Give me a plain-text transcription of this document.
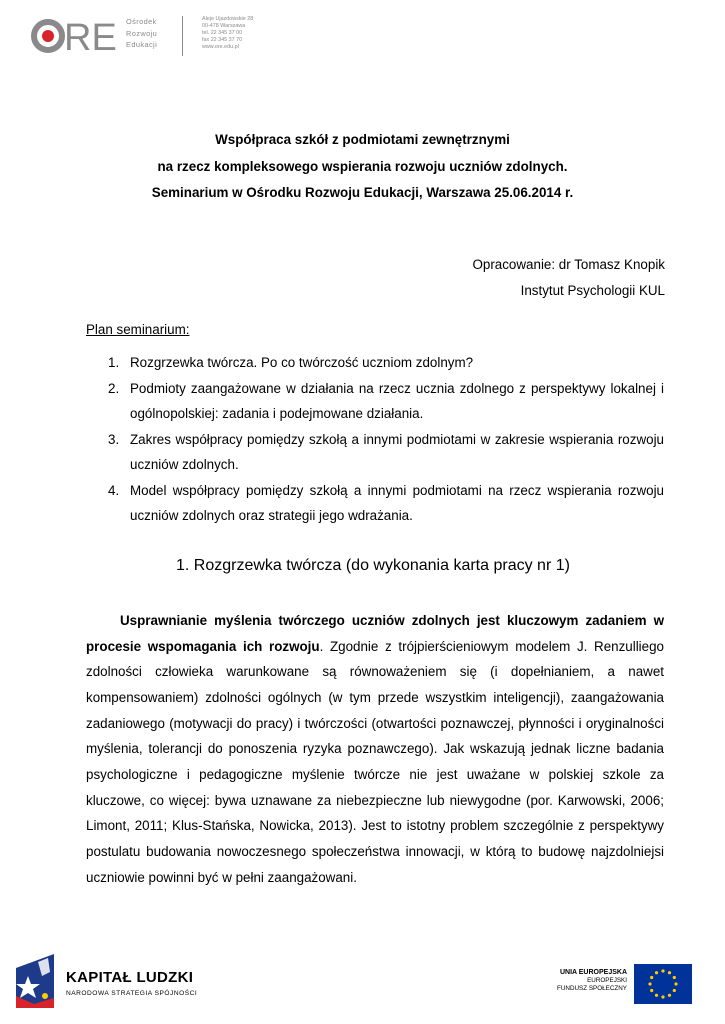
RE Ośrodek
Rozwoju
Edukacji
Aleje Ujazdowskie 28
00-478 Warszawa
tel. 22 345 37 00
fax 22 345 37 70
www.ore.edu.pl
Współpraca szkół z podmiotami zewnętrznymi
na rzecz kompleksowego wspierania rozwoju uczniów zdolnych.
Seminarium w Ośrodku Rozwoju Edukacji, Warszawa 25.06.2014 r.
Opracowanie: dr Tomasz Knopik
Instytut Psychologii KUL
Plan seminarium:
1. Rozgrzewka twórcza. Po co twórczość uczniom zdolnym?
2. Podmioty zaangażowane w działania na rzecz ucznia zdolnego z perspektywy lokalnej i ogólnopolskiej: zadania i podejmowane działania.
3. Zakres współpracy pomiędzy szkołą a innymi podmiotami w zakresie wspierania rozwoju uczniów zdolnych.
4. Model współpracy pomiędzy szkołą a innymi podmiotami na rzecz wspierania rozwoju uczniów zdolnych oraz strategii jego wdrażania.
1. Rozgrzewka twórcza (do wykonania karta pracy nr 1)
Usprawnianie myślenia twórczego uczniów zdolnych jest kluczowym zadaniem w procesie wspomagania ich rozwoju. Zgodnie z trójpierścieniowym modelem J. Renzulliego zdolności człowieka warunkowane są równoważeniem się (i dopełnianiem, a nawet kompensowaniem) zdolności ogólnych (w tym przede wszystkim inteligencji), zaangażowania zadaniowego (motywacji do pracy) i twórczości (otwartości poznawczej, płynności i oryginalności myślenia, tolerancji do ponoszenia ryzyka poznawczego). Jak wskazują jednak liczne badania psychologiczne i pedagogiczne myślenie twórcze nie jest uważane w polskiej szkole za kluczowe, co więcej: bywa uznawane za niebezpieczne lub niewygodne (por. Karwowski, 2006; Limont, 2011; Klus-Stańska, Nowicka, 2013). Jest to istotny problem szczególnie z perspektywy postulatu budowania nowoczesnego społeczeństwa innowacji, w którą to budowę najzdolniejsi uczniowie powinni być w pełni zaangażowani.
KAPITAŁ LUDZKI
NARODOWA STRATEGIA SPÓJNOŚCI
UNIA EUROPEJSKA
EUROPEJSKI
FUNDUSZ SPOŁECZNY
